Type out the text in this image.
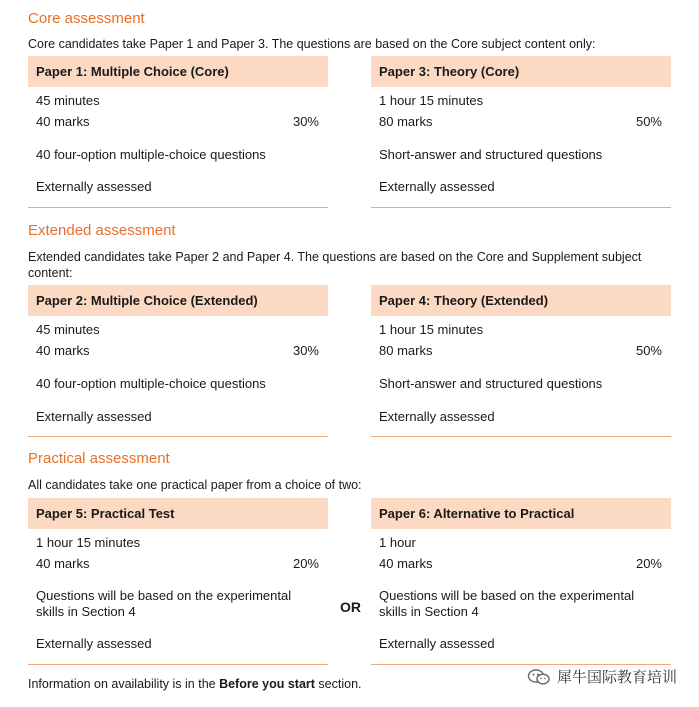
Core assessment
Core candidates take Paper 1 and Paper 3. The questions are based on the Core subject content only:
Paper 1: Multiple Choice (Core)
45 minutes
40 marks	30%
40 four-option multiple-choice questions
Externally assessed
Paper 3: Theory (Core)
1 hour 15 minutes
80 marks	50%
Short-answer and structured questions
Externally assessed
Extended assessment
Extended candidates take Paper 2 and Paper 4. The questions are based on the Core and Supplement subject content:
Paper 2: Multiple Choice (Extended)
45 minutes
40 marks	30%
40 four-option multiple-choice questions
Externally assessed
Paper 4: Theory (Extended)
1 hour 15 minutes
80 marks	50%
Short-answer and structured questions
Externally assessed
Practical assessment
All candidates take one practical paper from a choice of two:
Paper 5: Practical Test
1 hour 15 minutes
40 marks	20%
Questions will be based on the experimental skills in Section 4
Externally assessed
OR
Paper 6: Alternative to Practical
1 hour
40 marks	20%
Questions will be based on the experimental skills in Section 4
Externally assessed
Information on availability is in the Before you start section.	犀牛国际教育培训
